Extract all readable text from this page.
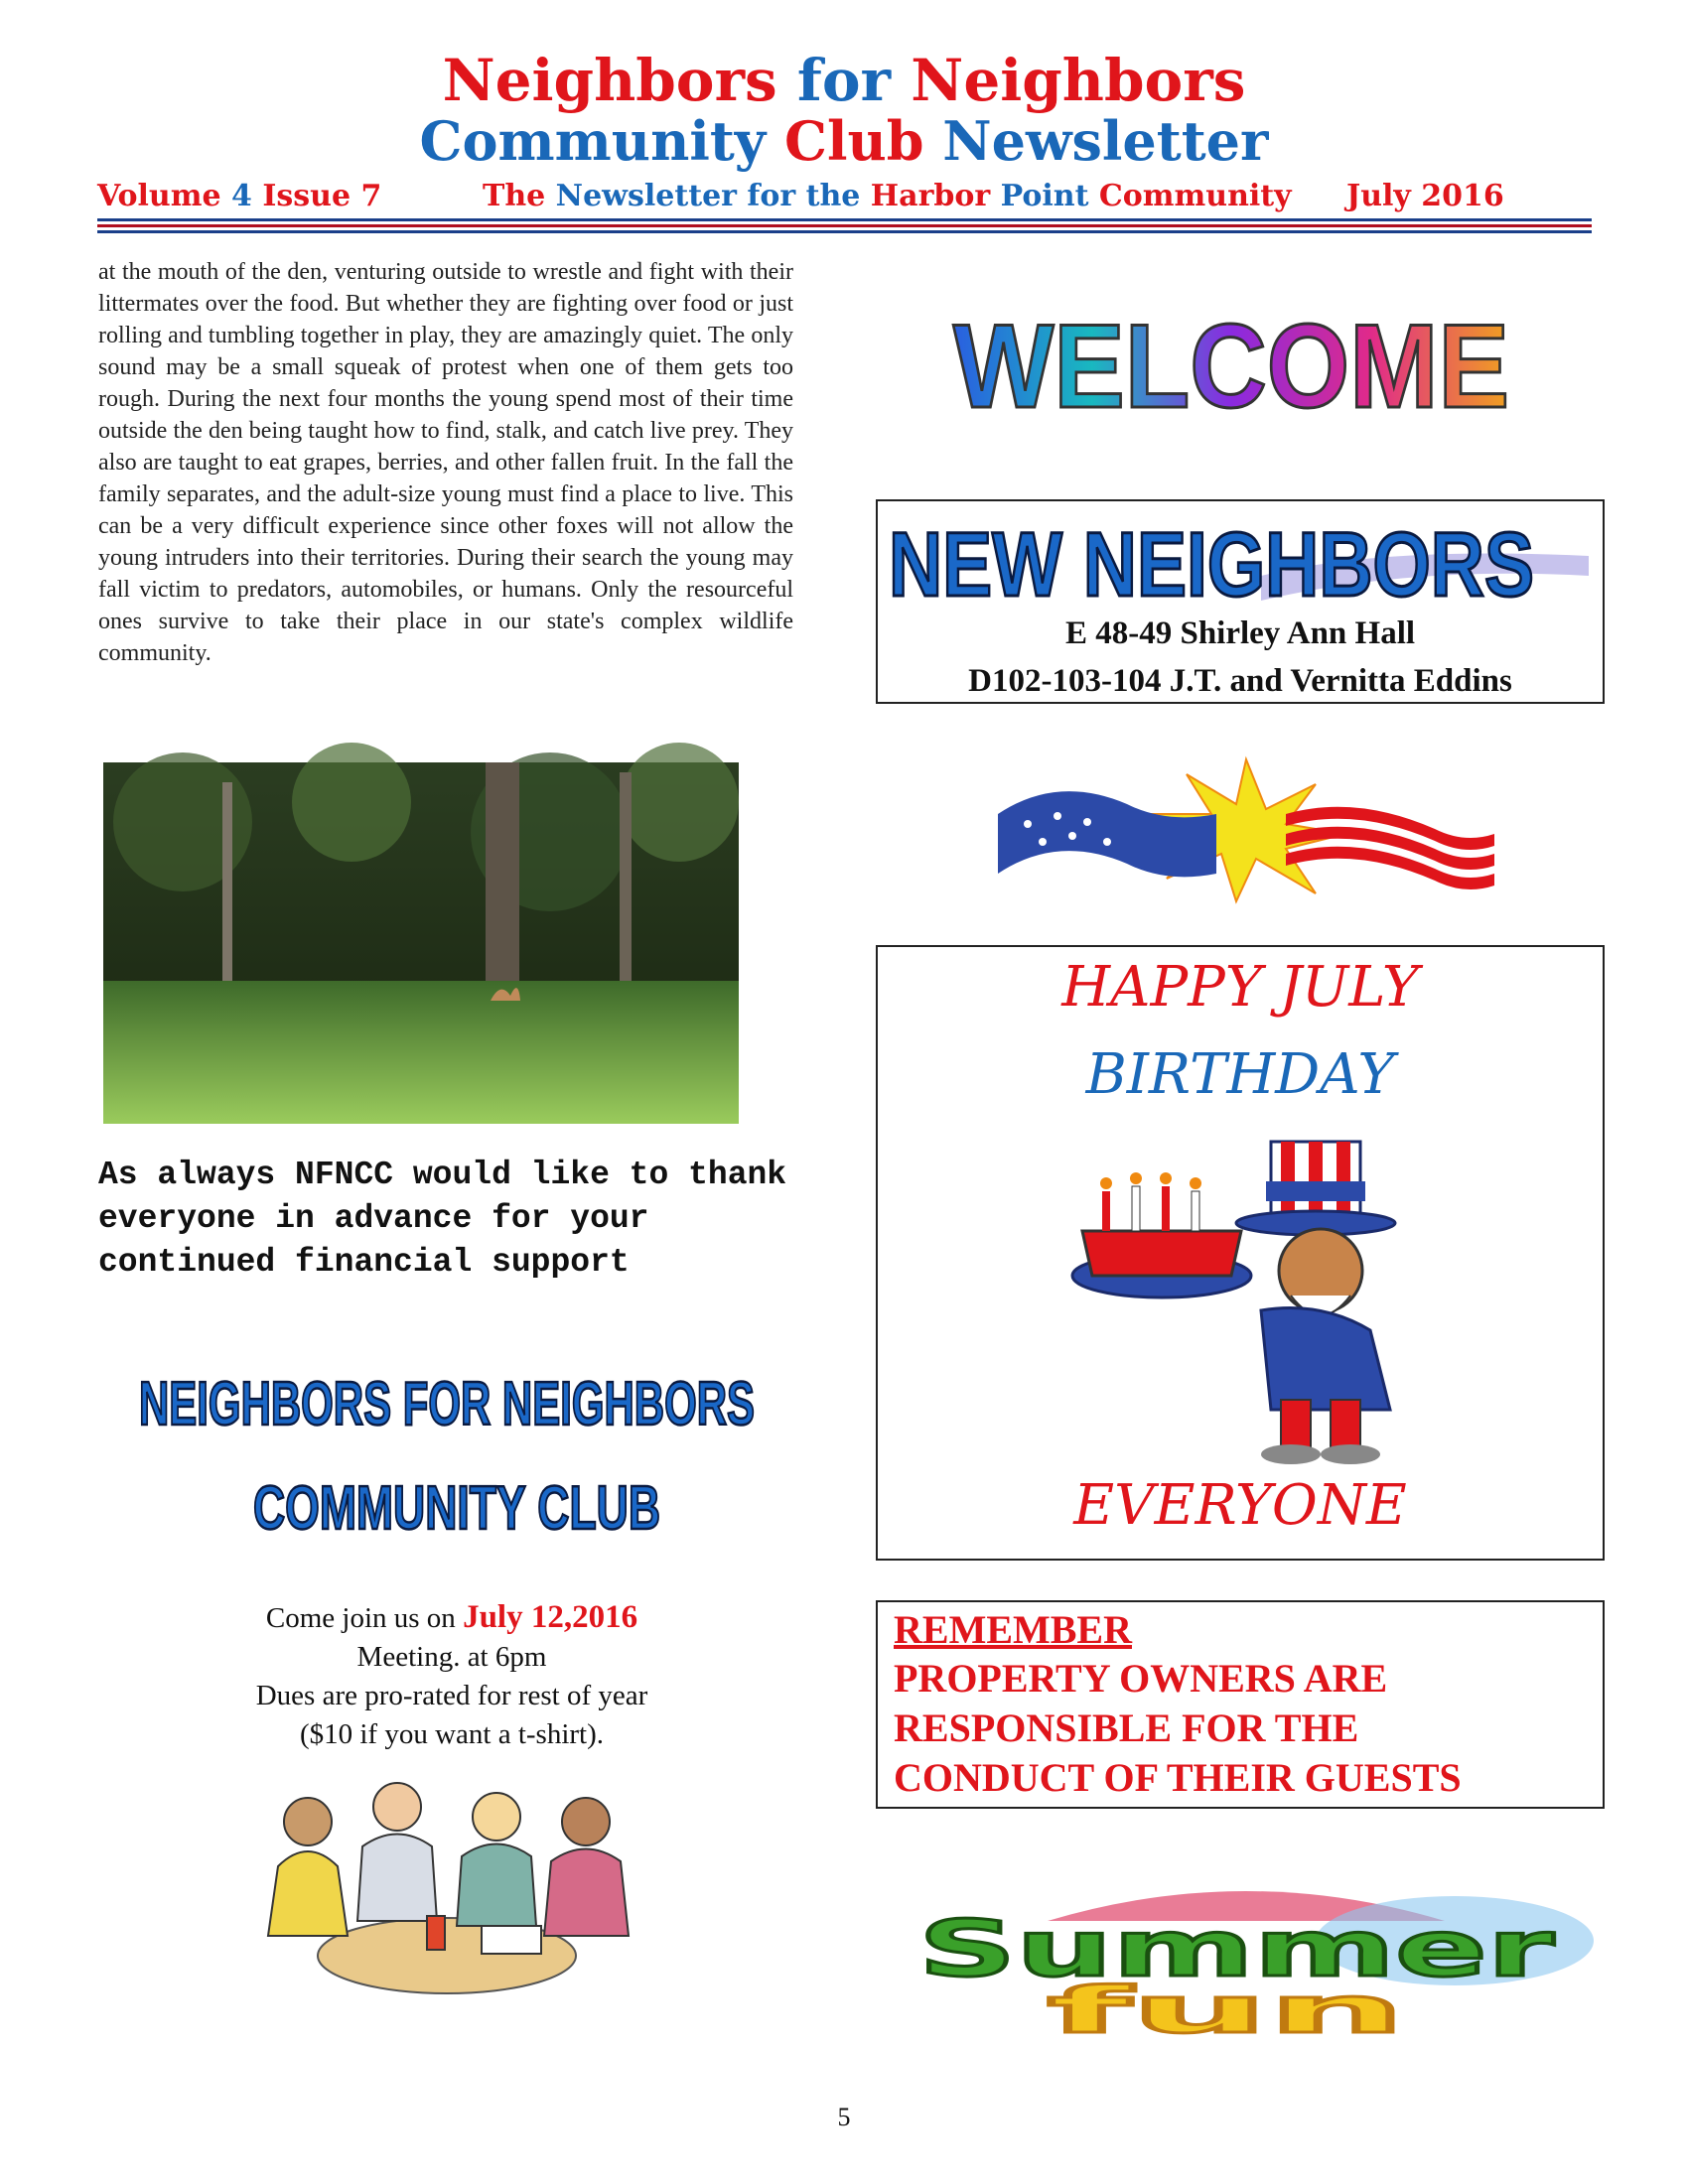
Neighbors for Neighbors
Community Club Newsletter
Volume 4 Issue 7	The Newsletter for the Harbor Point Community July 2016
at the mouth of the den, venturing outside to wrestle and fight with their littermates over the food. But whether they are fighting over food or just rolling and tumbling together in play, they are amazingly quiet. The only sound may be a small squeak of protest when one of them gets too rough. During the next four months the young spend most of their time outside the den being taught how to find, stalk, and catch live prey. They also are taught to eat grapes, berries, and other fallen fruit. In the fall the family separates, and the adult-size young must find a place to live. This can be a very difficult experience since other foxes will not allow the young intruders into their territories. During their search the young may fall victim to predators, automobiles, or humans. Only the resourceful ones survive to take their place in our state's complex wildlife community.
As always NFNCC would like to thank everyone in advance for your continued financial support
NEIGHBORS FOR NEIGHBORS
COMMUNITY CLUB
Come join us on July 12,2016
Meeting. at 6pm
Dues are pro-rated for rest of year
($10 if you want a t-shirt).
WELCOME
NEW NEIGHBORS
E 48-49 Shirley Ann Hall
D102-103-104 J.T. and Vernitta Eddins
HAPPY JULY
BIRTHDAY
EVERYONE
REMEMBER
PROPERTY OWNERS ARE
RESPONSIBLE FOR THE
CONDUCT OF THEIR GUESTS
Summer
fun
5
